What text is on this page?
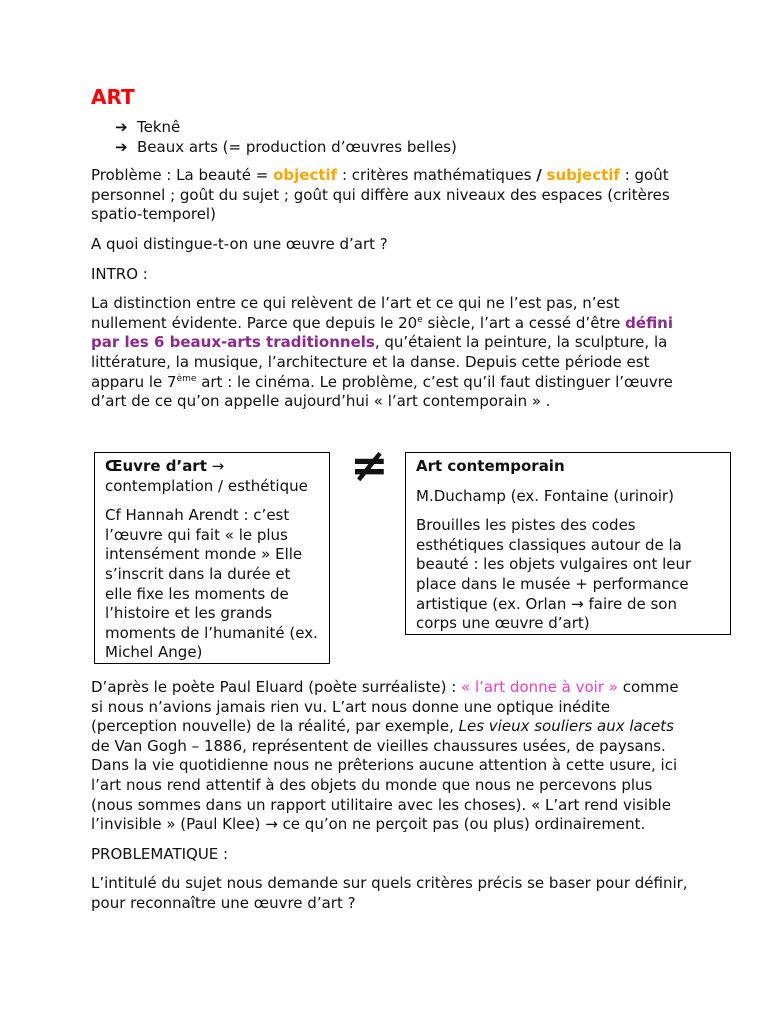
ART
➔ Teknê
➔ Beaux arts (= production d’œuvres belles)

Problème : La beauté = objectif : critères mathématiques / subjectif : goût personnel ; goût du sujet ; goût qui diffère aux niveaux des espaces (critères spatio-temporel)

A quoi distingue-t-on une œuvre d’art ?

INTRO :

La distinction entre ce qui relèvent de l’art et ce qui ne l’est pas, n’est nullement évidente. Parce que depuis le 20e siècle, l’art a cessé d’être défini par les 6 beaux-arts traditionnels, qu’étaient la peinture, la sculpture, la littérature, la musique, l’architecture et la danse. Depuis cette période est apparu le 7ème art : le cinéma. Le problème, c’est qu’il faut distinguer l’œuvre d’art de ce qu’on appelle aujourd’hui « l’art contemporain » .

Œuvre d’art → contemplation / esthétique

Cf Hannah Arendt : c’est l’œuvre qui fait « le plus intensément monde » Elle s’inscrit dans la durée et elle fixe les moments de l’histoire et les grands moments de l’humanité (ex. Michel Ange)

≠ Art contemporain

M.Duchamp (ex. Fontaine (urinoir)

Brouilles les pistes des codes esthétiques classiques autour de la beauté : les objets vulgaires ont leur place dans le musée + performance artistique (ex. Orlan → faire de son corps une œuvre d’art)

D’après le poète Paul Eluard (poète surréaliste) : « l’art donne à voir » comme si nous n’avions jamais rien vu. L’art nous donne une optique inédite (perception nouvelle) de la réalité, par exemple, Les vieux souliers aux lacets de Van Gogh – 1886, représentent de vieilles chaussures usées, de paysans. Dans la vie quotidienne nous ne prêterions aucune attention à cette usure, ici l’art nous rend attentif à des objets du monde que nous ne percevons plus (nous sommes dans un rapport utilitaire avec les choses). « L’art rend visible l’invisible » (Paul Klee) → ce qu’on ne perçoit pas (ou plus) ordinairement.

PROBLEMATIQUE :

L’intitulé du sujet nous demande sur quels critères précis se baser pour définir, pour reconnaître une œuvre d’art ?
